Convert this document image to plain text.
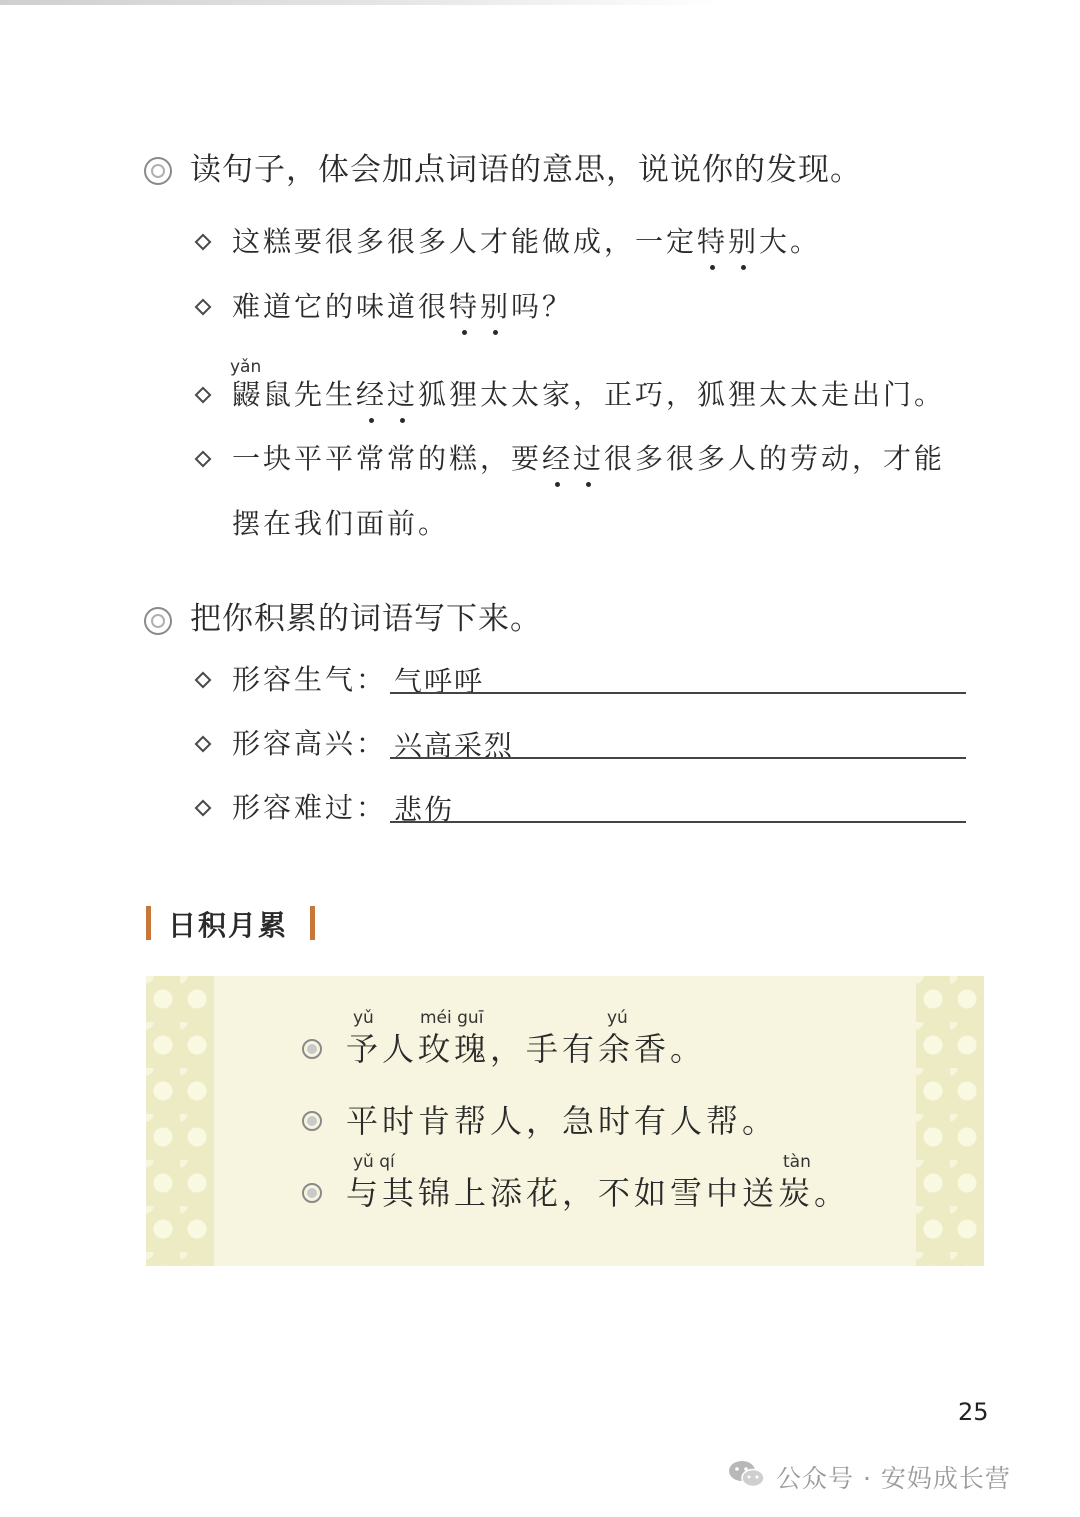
读句子，体会加点词语的意思，说说你的发现。
这糕要很多很多人才能做成，一定特别大。
难道它的味道很特别吗？
yǎn
鼹鼠先生经过狐狸太太家，正巧，狐狸太太走出门。
一块平平常常的糕，要经过很多很多人的劳动，才能
摆在我们面前。
把你积累的词语写下来。
形容生气： 气呼呼
形容高兴： 兴高采烈
形容难过： 悲伤
日积月累
yǔ	méi guī	yú
予人玫瑰，手有余香。
平时肯帮人，急时有人帮。
yǔ qí	tàn
与其锦上添花，不如雪中送炭。
25
公众号 · 安妈成长营
